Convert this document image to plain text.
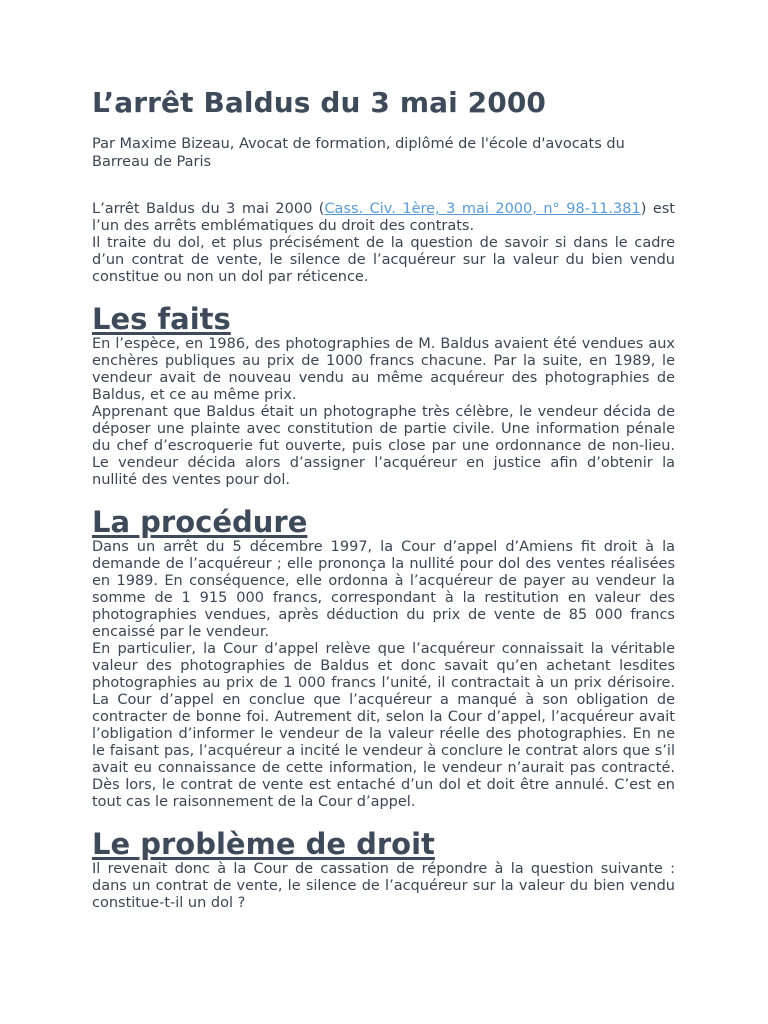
L’arrêt Baldus du 3 mai 2000

Par Maxime Bizeau, Avocat de formation, diplômé de l'école d'avocats du Barreau de Paris

L’arrêt Baldus du 3 mai 2000 (Cass. Civ. 1ère, 3 mai 2000, n° 98-11.381) est l’un des arrêts emblématiques du droit des contrats.

Il traite du dol, et plus précisément de la question de savoir si dans le cadre d’un contrat de vente, le silence de l’acquéreur sur la valeur du bien vendu constitue ou non un dol par réticence.

Les faits

En l’espèce, en 1986, des photographies de M. Baldus avaient été vendues aux enchères publiques au prix de 1000 francs chacune. Par la suite, en 1989, le vendeur avait de nouveau vendu au même acquéreur des photographies de Baldus, et ce au même prix.

Apprenant que Baldus était un photographe très célèbre, le vendeur décida de déposer une plainte avec constitution de partie civile. Une information pénale du chef d’escroquerie fut ouverte, puis close par une ordonnance de non-lieu. Le vendeur décida alors d’assigner l’acquéreur en justice afin d’obtenir la nullité des ventes pour dol.

La procédure

Dans un arrêt du 5 décembre 1997, la Cour d’appel d’Amiens fit droit à la demande de l’acquéreur ; elle prononça la nullité pour dol des ventes réalisées en 1989. En conséquence, elle ordonna à l’acquéreur de payer au vendeur la somme de 1 915 000 francs, correspondant à la restitution en valeur des photographies vendues, après déduction du prix de vente de 85 000 francs encaissé par le vendeur.

En particulier, la Cour d’appel relève que l’acquéreur connaissait la véritable valeur des photographies de Baldus et donc savait qu’en achetant lesdites photographies au prix de 1 000 francs l’unité, il contractait à un prix dérisoire. La Cour d’appel en conclue que l’acquéreur a manqué à son obligation de contracter de bonne foi. Autrement dit, selon la Cour d’appel, l’acquéreur avait l’obligation d’informer le vendeur de la valeur réelle des photographies. En ne le faisant pas, l’acquéreur a incité le vendeur à conclure le contrat alors que s’il avait eu connaissance de cette information, le vendeur n’aurait pas contracté. Dès lors, le contrat de vente est entaché d’un dol et doit être annulé. C’est en tout cas le raisonnement de la Cour d’appel.

Le problème de droit

Il revenait donc à la Cour de cassation de répondre à la question suivante : dans un contrat de vente, le silence de l’acquéreur sur la valeur du bien vendu constitue-t-il un dol ?
